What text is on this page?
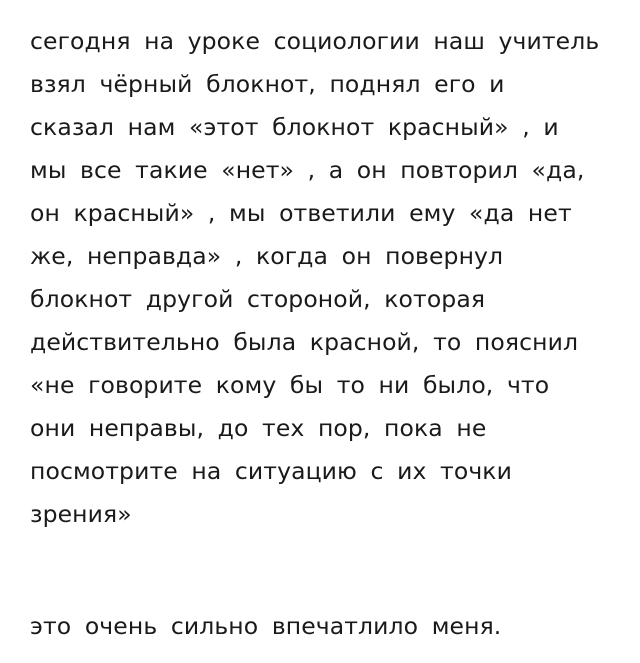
сегодня на уроке социологии наш учитель
взял чёрный блокнот, поднял его и
сказал нам «этот блокнот красный» , и
мы все такие «нет» , а он повторил «да,
он красный» , мы ответили ему «да нет
же, неправда» , когда он повернул
блокнот другой стороной, которая
действительно была красной, то пояснил
«не говорите кому бы то ни было, что
они неправы, до тех пор, пока не
посмотрите на ситуацию с их точки
зрения»
это очень сильно впечатлило меня.
